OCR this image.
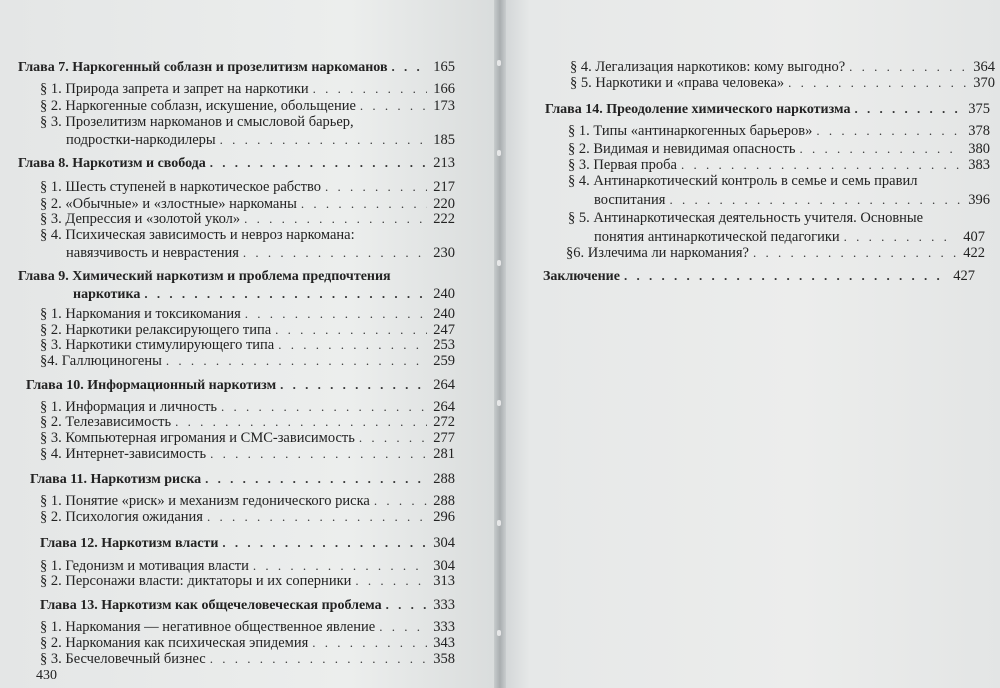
Глава 7. Наркогенный соблазн и прозелитизм наркоманов . . .	165
§ 1. Природа запрета и запрет на наркотики . . .	166
§ 2. Наркогенные соблазн, искушение, обольщение . . .	173
§ 3. Прозелитизм наркоманов и смысловой барьер,
подростки-наркодилеры . . .	185
Глава 8. Наркотизм и свобода . . .	213
§ 1. Шесть ступеней в наркотическое рабство . . .	217
§ 2. «Обычные» и «злостные» наркоманы . . .	220
§ 3. Депрессия и «золотой укол» . . .	222
§ 4. Психическая зависимость и невроз наркомана:
навязчивость и неврастения . . .	230
Глава 9. Химический наркотизм и проблема предпочтения
наркотика . . .	240
§ 1. Наркомания и токсикомания . . .	240
§ 2. Наркотики релаксирующего типа . . .	247
§ 3. Наркотики стимулирующего типа . . .	253
§4. Галлюциногены . . .	259
Глава 10. Информационный наркотизм . . .	264
§ 1. Информация и личность . . .	264
§ 2. Телезависимость . . .	272
§ 3. Компьютерная игромания и СМС-зависимость . . .	277
§ 4. Интернет-зависимость . . .	281
Глава 11. Наркотизм риска . . .	288
§ 1. Понятие «риск» и механизм гедонического риска . . .	288
§ 2. Психология ожидания . . .	296
Глава 12. Наркотизм власти . . .	304
§ 1. Гедонизм и мотивация власти . . .	304
§ 2. Персонажи власти: диктаторы и их соперники . . .	313
Глава 13. Наркотизм как общечеловеческая проблема . . .	333
§ 1. Наркомания — негативное общественное явление . . .	333
§ 2. Наркомания как психическая эпидемия . . .	343
§ 3. Бесчеловечный бизнес . . .	358
430
§ 4. Легализация наркотиков: кому выгодно? . . .	364
§ 5. Наркотики и «права человека» . . .	370
Глава 14. Преодоление химического наркотизма . . .	375
§ 1. Типы «антинаркогенных барьеров» . . .	378
§ 2. Видимая и невидимая опасность . . .	380
§ 3. Первая проба . . .	383
§ 4. Антинаркотический контроль в семье и семь правил
воспитания . . .	396
§ 5. Антинаркотическая деятельность учителя. Основные
понятия антинаркотической педагогики . . .	407
§6. Излечима ли наркомания? . . .	422
Заключение . . .	427
